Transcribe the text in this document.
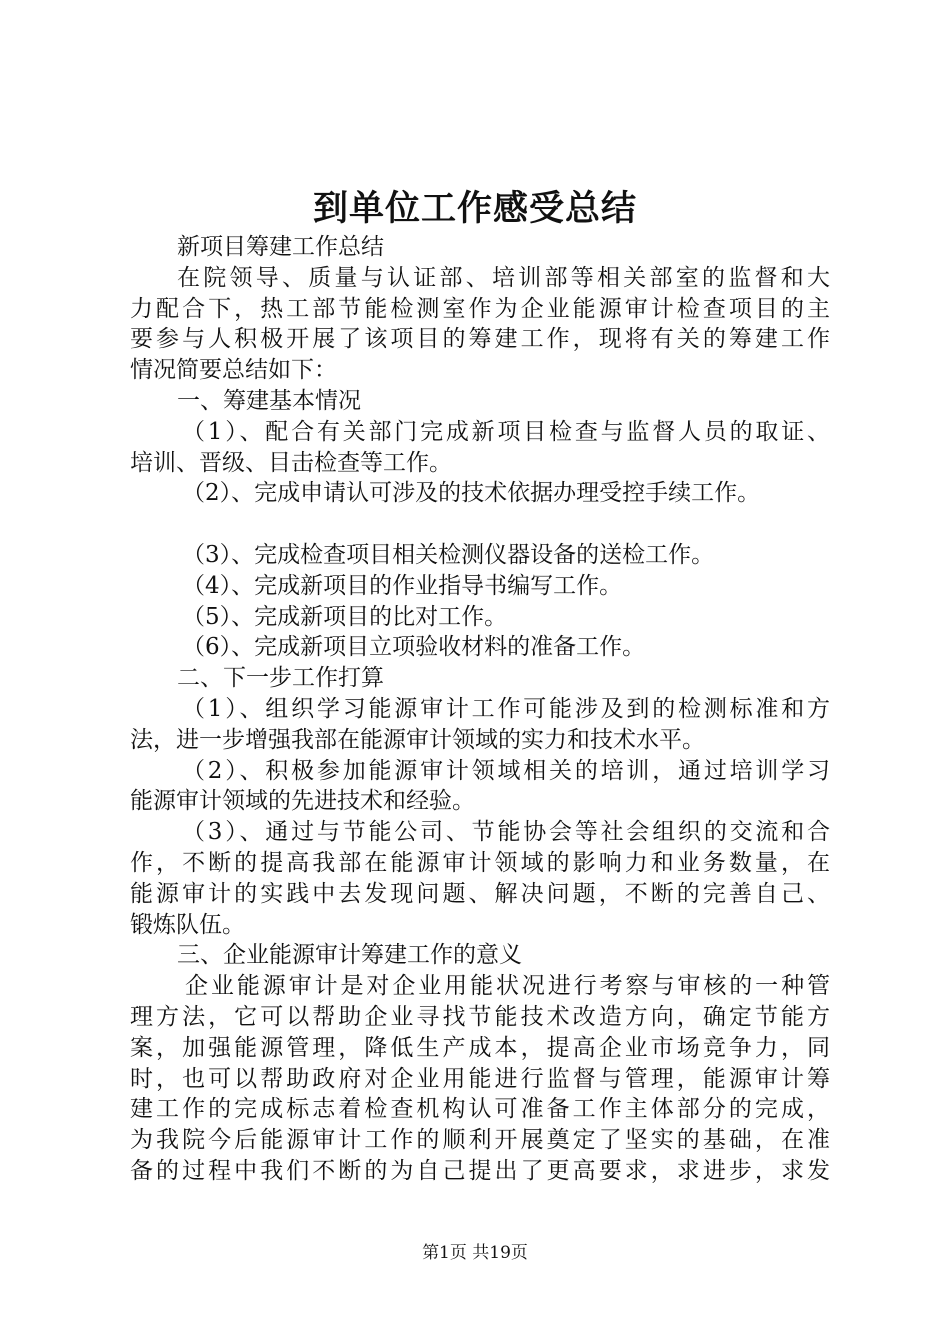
到单位工作感受总结
新项目筹建工作总结
在院领导、质量与认证部、培训部等相关部室的监督和大
力配合下，热工部节能检测室作为企业能源审计检查项目的主
要参与人积极开展了该项目的筹建工作，现将有关的筹建工作
情况简要总结如下：
一、筹建基本情况
（1）、配合有关部门完成新项目检查与监督人员的取证、
培训、晋级、目击检查等工作。
（2）、完成申请认可涉及的技术依据办理受控手续工作。
（3）、完成检查项目相关检测仪器设备的送检工作。
（4）、完成新项目的作业指导书编写工作。
（5）、完成新项目的比对工作。
（6）、完成新项目立项验收材料的准备工作。
二、下一步工作打算
（1）、组织学习能源审计工作可能涉及到的检测标准和方
法，进一步增强我部在能源审计领域的实力和技术水平。
（2）、积极参加能源审计领域相关的培训，通过培训学习
能源审计领域的先进技术和经验。
（3）、通过与节能公司、节能协会等社会组织的交流和合
作，不断的提高我部在能源审计领域的影响力和业务数量，在
能源审计的实践中去发现问题、解决问题，不断的完善自己、
锻炼队伍。
三、企业能源审计筹建工作的意义
企业能源审计是对企业用能状况进行考察与审核的一种管
理方法，它可以帮助企业寻找节能技术改造方向，确定节能方
案，加强能源管理，降低生产成本，提高企业市场竞争力，同
时，也可以帮助政府对企业用能进行监督与管理，能源审计筹
建工作的完成标志着检查机构认可准备工作主体部分的完成，
为我院今后能源审计工作的顺利开展奠定了坚实的基础，在准
备的过程中我们不断的为自己提出了更高要求，求进步，求发
第1页 共19页
